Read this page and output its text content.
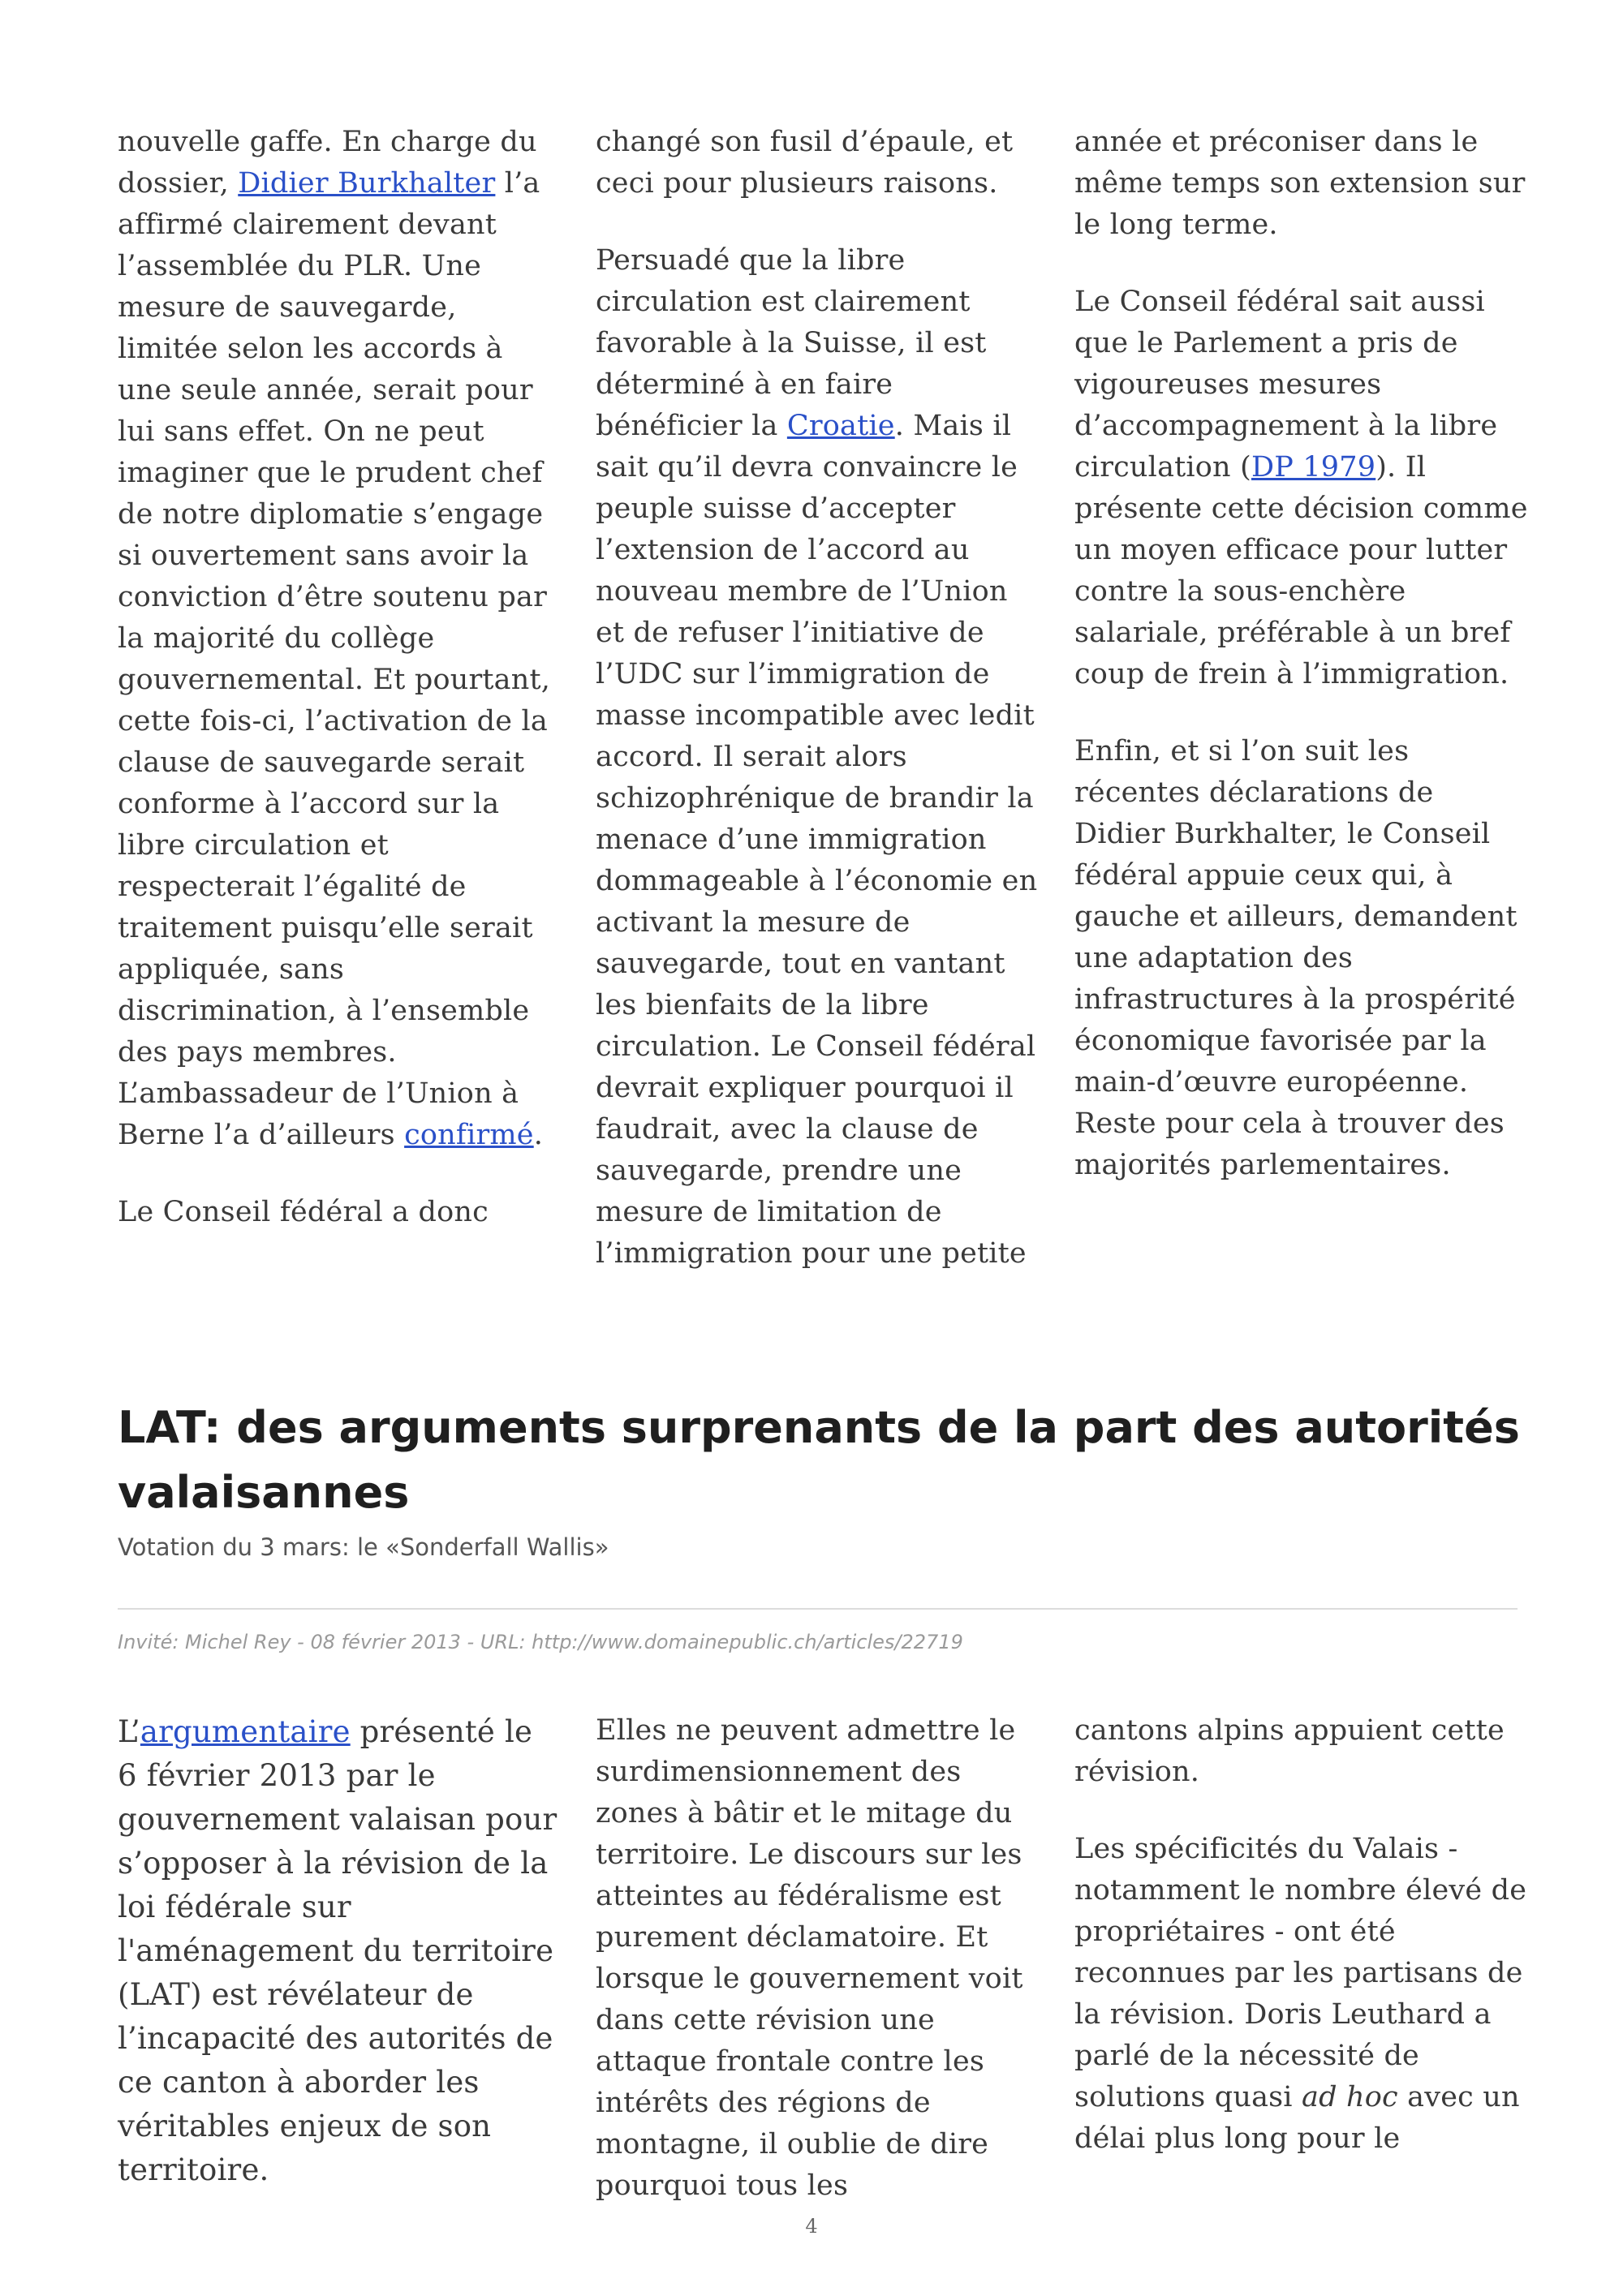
nouvelle gaffe. En charge du dossier, Didier Burkhalter l’a affirmé clairement devant l’assemblée du PLR. Une mesure de sauvegarde, limitée selon les accords à une seule année, serait pour lui sans effet. On ne peut imaginer que le prudent chef de notre diplomatie s’engage si ouvertement sans avoir la conviction d’être soutenu par la majorité du collège gouvernemental. Et pourtant, cette fois-ci, l’activation de la clause de sauvegarde serait conforme à l’accord sur la libre circulation et respecterait l’égalité de traitement puisqu’elle serait appliquée, sans discrimination, à l’ensemble des pays membres. L’ambassadeur de l’Union à Berne l’a d’ailleurs confirmé.

Le Conseil fédéral a donc

changé son fusil d’épaule, et ceci pour plusieurs raisons.

Persuadé que la libre circulation est clairement favorable à la Suisse, il est déterminé à en faire bénéficier la Croatie. Mais il sait qu’il devra convaincre le peuple suisse d’accepter l’extension de l’accord au nouveau membre de l’Union et de refuser l’initiative de l’UDC sur l’immigration de masse incompatible avec ledit accord. Il serait alors schizophrénique de brandir la menace d’une immigration dommageable à l’économie en activant la mesure de sauvegarde, tout en vantant les bienfaits de la libre circulation. Le Conseil fédéral devrait expliquer pourquoi il faudrait, avec la clause de sauvegarde, prendre une mesure de limitation de l’immigration pour une petite

année et préconiser dans le même temps son extension sur le long terme.

Le Conseil fédéral sait aussi que le Parlement a pris de vigoureuses mesures d’accompagnement à la libre circulation (DP 1979). Il présente cette décision comme un moyen efficace pour lutter contre la sous-enchère salariale, préférable à un bref coup de frein à l’immigration.

Enfin, et si l’on suit les récentes déclarations de Didier Burkhalter, le Conseil fédéral appuie ceux qui, à gauche et ailleurs, demandent une adaptation des infrastructures à la prospérité économique favorisée par la main-d’œuvre européenne. Reste pour cela à trouver des majorités parlementaires.

LAT: des arguments surprenants de la part des autorités valaisannes
Votation du 3 mars: le «Sonderfall Wallis»
Invité: Michel Rey - 08 février 2013 - URL: http://www.domainepublic.ch/articles/22719

L’argumentaire présenté le 6 février 2013 par le gouvernement valaisan pour s’opposer à la révision de la loi fédérale sur l'aménagement du territoire (LAT) est révélateur de l’incapacité des autorités de ce canton à aborder les véritables enjeux de son territoire.

Elles ne peuvent admettre le surdimensionnement des zones à bâtir et le mitage du territoire. Le discours sur les atteintes au fédéralisme est purement déclamatoire. Et lorsque le gouvernement voit dans cette révision une attaque frontale contre les intérêts des régions de montagne, il oublie de dire pourquoi tous les

cantons alpins appuient cette révision.

Les spécificités du Valais - notamment le nombre élevé de propriétaires - ont été reconnues par les partisans de la révision. Doris Leuthard a parlé de la nécessité de solutions quasi ad hoc avec un délai plus long pour le

4
